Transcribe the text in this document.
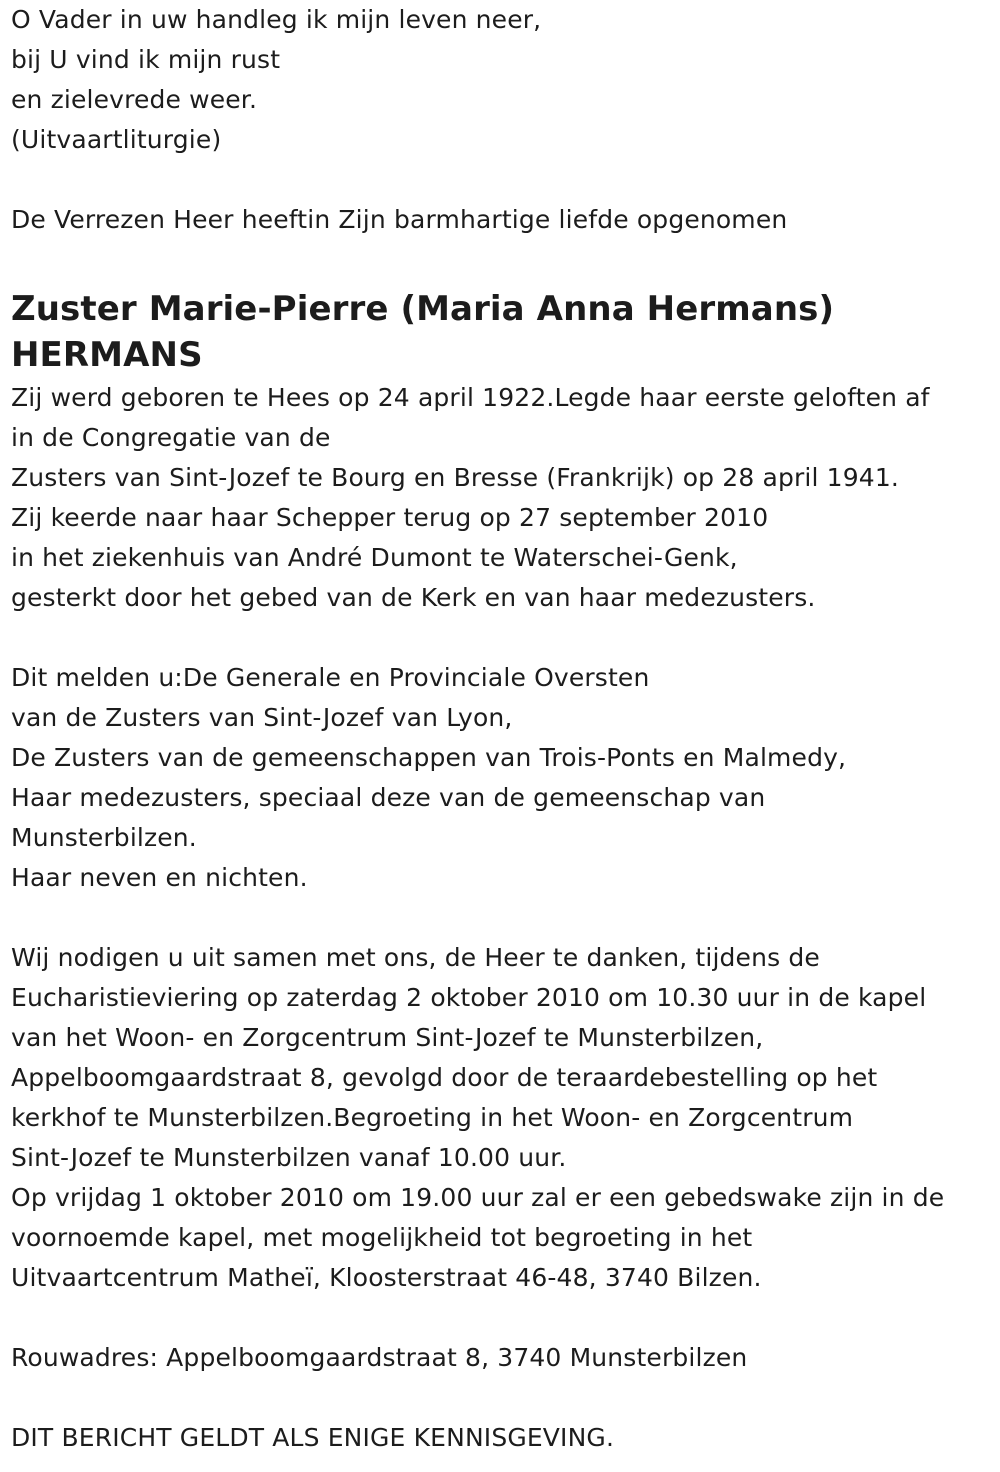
O Vader in uw handleg ik mijn leven neer,
bij U vind ik mijn rust
en zielevrede weer.
(Uitvaartliturgie)
De Verrezen Heer heeftin Zijn barmhartige liefde opgenomen
Zuster Marie-Pierre (Maria Anna Hermans)
HERMANS
Zij werd geboren te Hees op 24 april 1922.Legde haar eerste geloften af
in de Congregatie van de
Zusters van Sint-Jozef te Bourg en Bresse (Frankrijk) op 28 april 1941.
Zij keerde naar haar Schepper terug op 27 september 2010
in het ziekenhuis van André Dumont te Waterschei-Genk,
gesterkt door het gebed van de Kerk en van haar medezusters.
Dit melden u:De Generale en Provinciale Oversten
van de Zusters van Sint-Jozef van Lyon,
De Zusters van de gemeenschappen van Trois-Ponts en Malmedy,
Haar medezusters, speciaal deze van de gemeenschap van
Munsterbilzen.
Haar neven en nichten.
Wij nodigen u uit samen met ons, de Heer te danken, tijdens de
Eucharistieviering op zaterdag 2 oktober 2010 om 10.30 uur in de kapel
van het Woon- en Zorgcentrum Sint-Jozef te Munsterbilzen,
Appelboomgaardstraat 8, gevolgd door de teraardebestelling op het
kerkhof te Munsterbilzen.Begroeting in het Woon- en Zorgcentrum
Sint-Jozef te Munsterbilzen vanaf 10.00 uur.
Op vrijdag 1 oktober 2010 om 19.00 uur zal er een gebedswake zijn in de
voornoemde kapel, met mogelijkheid tot begroeting in het
Uitvaartcentrum Matheï, Kloosterstraat 46-48, 3740 Bilzen.
Rouwadres: Appelboomgaardstraat 8, 3740 Munsterbilzen
DIT BERICHT GELDT ALS ENIGE KENNISGEVING.
